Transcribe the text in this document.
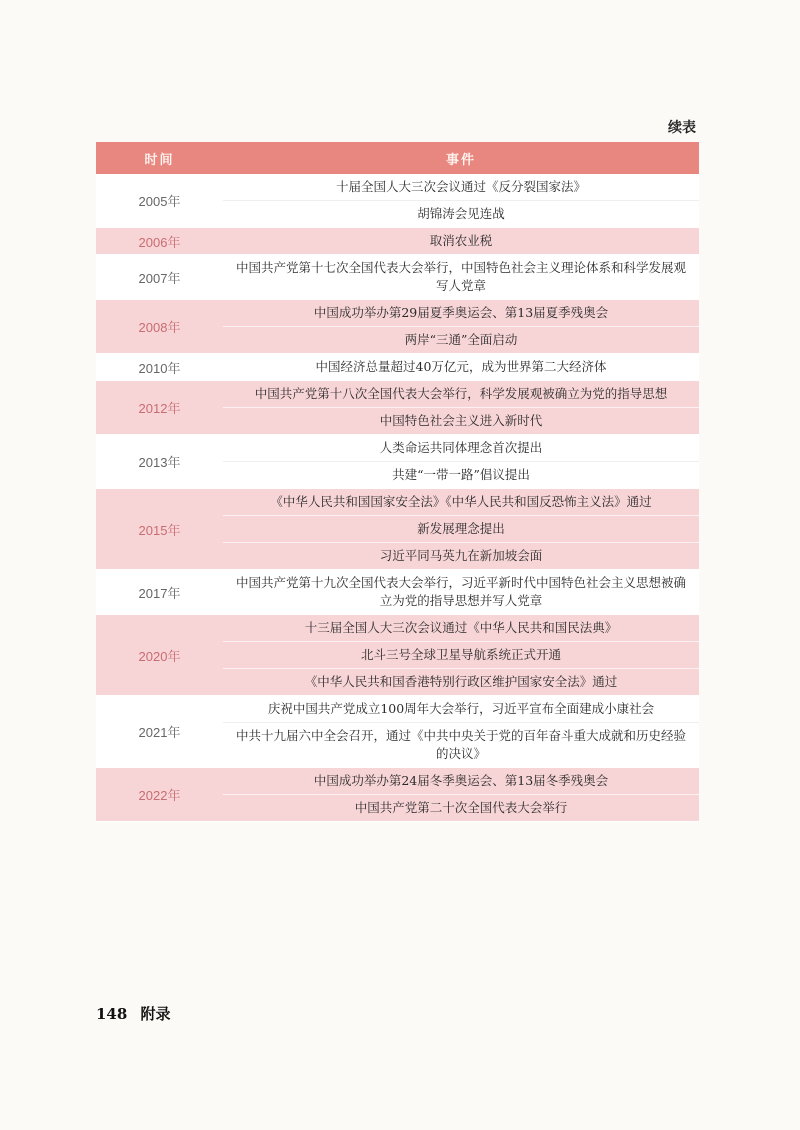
续表
时间	事件
2005年	十届全国人大三次会议通过《反分裂国家法》
胡锦涛会见连战

2006年	取消农业税

2007年	中国共产党第十七次全国代表大会举行，中国特色社会主义理论体系和科学发展观写人党章

2008年	中国成功举办第29届夏季奥运会、第13届夏季残奥会
两岸“三通”全面启动

2010年	中国经济总量超过40万亿元，成为世界第二大经济体

2012年	中国共产党第十八次全国代表大会举行，科学发展观被确立为党的指导思想
中国特色社会主义进入新时代

2013年	人类命运共同体理念首次提出
共建“一带一路”倡议提出

2015年	《中华人民共和国国家安全法》《中华人民共和国反恐怖主义法》通过
新发展理念提出
习近平同马英九在新加坡会面

2017年	中国共产党第十九次全国代表大会举行，习近平新时代中国特色社会主义思想被确立为党的指导思想并写人党章

2020年	十三届全国人大三次会议通过《中华人民共和国民法典》
北斗三号全球卫星导航系统正式开通
《中华人民共和国香港特别行政区维护国家安全法》通过

2021年	庆祝中国共产党成立100周年大会举行，习近平宣布全面建成小康社会
中共十九届六中全会召开，通过《中共中央关于党的百年奋斗重大成就和历史经验的决议》

2022年	中国成功举办第24届冬季奥运会、第13届冬季残奥会
中国共产党第二十次全国代表大会举行
148 附录
